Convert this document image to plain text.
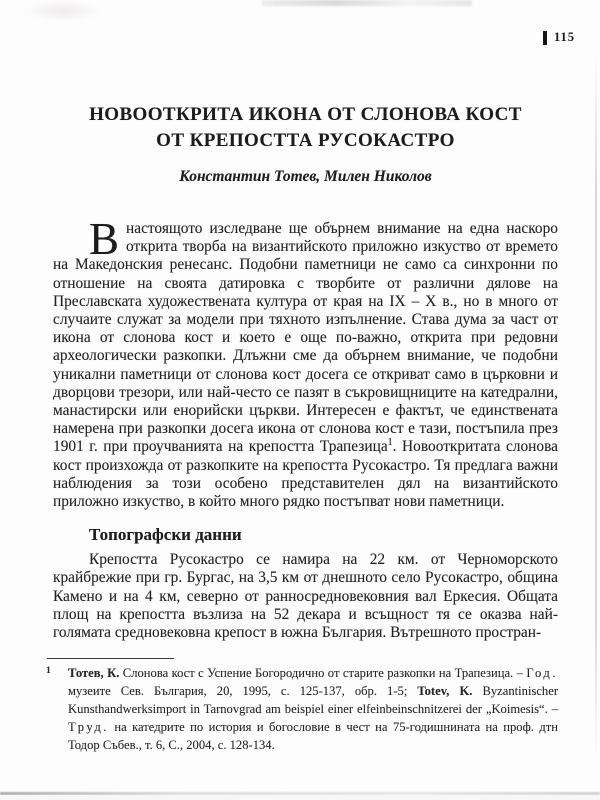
115
НОВООТКРИТА ИКОНА ОТ СЛОНОВА КОСТ
ОТ КРЕПОСТТА РУСОКАСТРО
Константин Тотев, Милен Николов

Внастоящото изследване ще обърнем внимание на една наскоро открита творба на византийското приложно изкуство от времето на Македонския ренесанс. Подобни паметници не само са синхронни по отношение на своята датировка с творбите от различни дялове на Преславската художествената култура от края на IX – X в., но в много от случаите служат за модели при тяхното изпълнение. Става дума за част от икона от слонова кост и което е още по-важно, открита при редовни археологически разкопки. Длъжни сме да обърнем внимание, че подобни уникални паметници от слонова кост досега се откриват само в църковни и дворцови трезори, или най-често се пазят в съкровищниците на катедрални, манастирски или енорийски църкви. Интересен е фактът, че единствената намерена при разкопки досега икона от слонова кост е тази, постъпила през 1901 г. при проучванията на крепостта Трапезица$^1$. Новооткритата слонова кост произхожда от разкопките на крепостта Русокастро. Тя предлага важни наблюдения за този особено представителен дял на византийското приложно изкуство, в който много рядко постъпват нови паметници.

Топографски данни

Крепостта Русокастро се намира на 22 км. от Черноморското крайбрежие при гр. Бургас, на 3,5 км от днешното село Русокастро, община Камено и на 4 км, северно от ранносредновековния вал Еркесия. Общата площ на крепостта възлиза на 52 декара и всъщност тя се оказва най-голямата средновековна крепост в южна България. Вътрешното простран-

1 Тотев, К. Слонова кост с Успение Богородично от старите разкопки на Трапезица. – Год. музеите Сев. България, 20, 1995, с. 125-137, обр. 1-5; Totev, K. Byzantinischer Kunsthandwerksimport in Tarnovgrad am beispiel einer elfeinbeinschnitzerei der „Koimesis“. – Труд. на катедрите по история и богословие в чест на 75-годишнината на проф. дтн Тодор Събев., т. 6, С., 2004, с. 128-134.
